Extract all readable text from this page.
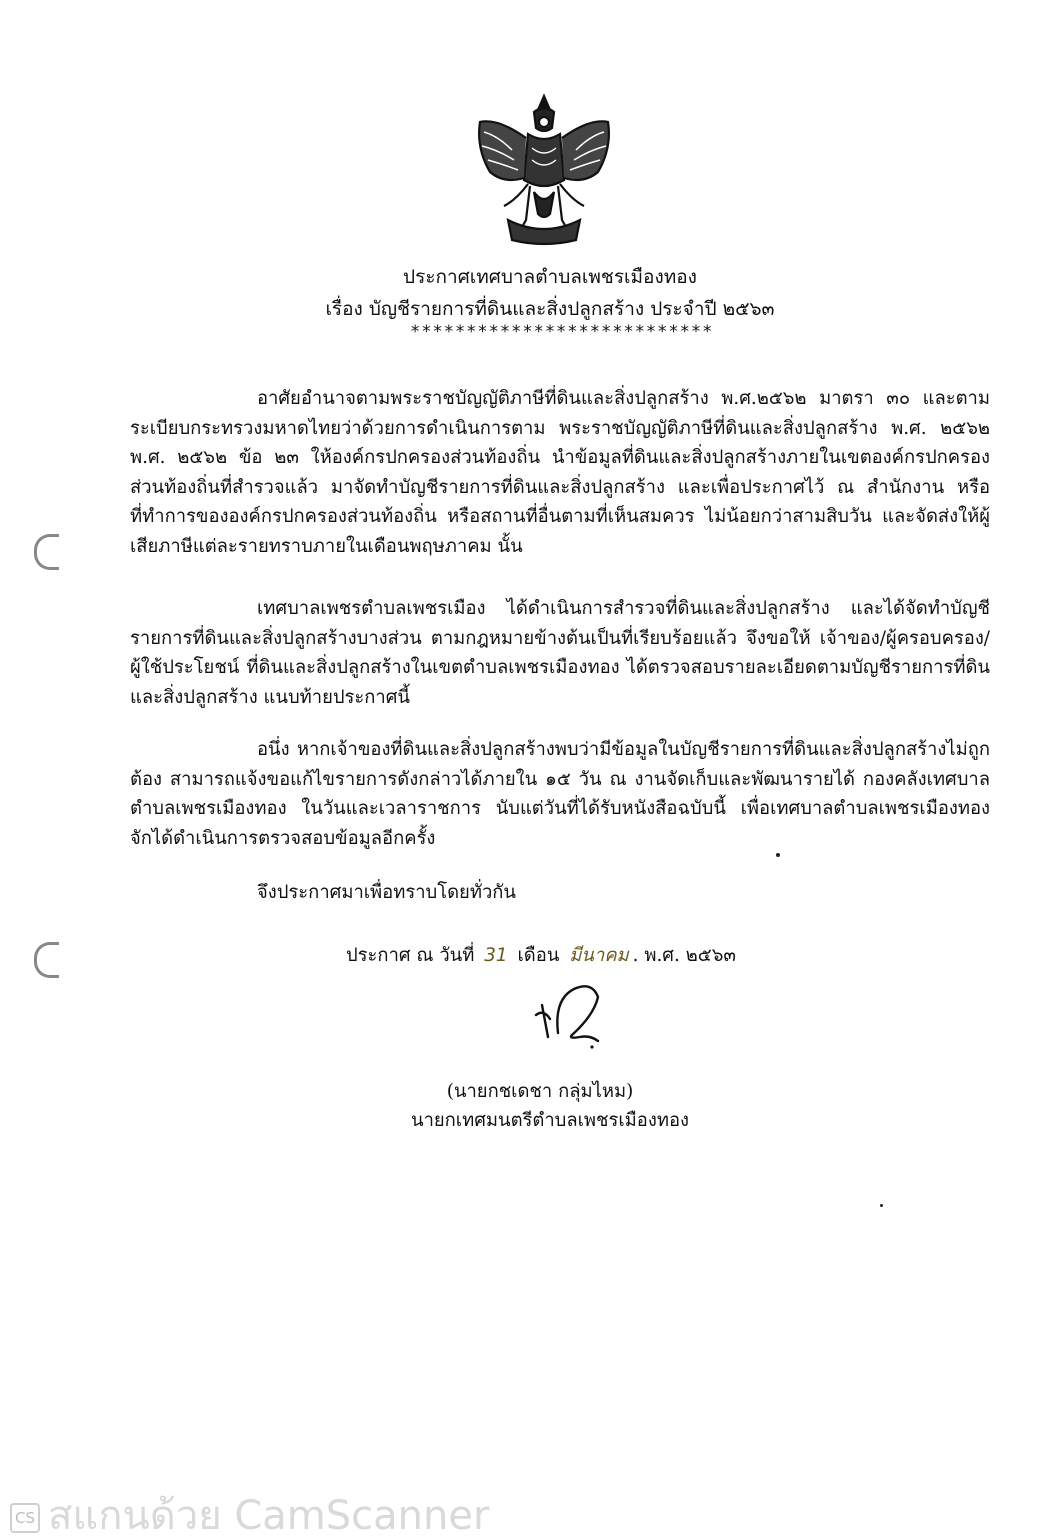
ประกาศเทศบาลตำบลเพชรเมืองทอง
เรื่อง บัญชีรายการที่ดินและสิ่งปลูกสร้าง ประจำปี ๒๕๖๓
***************************

อาศัยอำนาจตามพระราชบัญญัติภาษีที่ดินและสิ่งปลูกสร้าง พ.ศ.๒๕๖๒ มาตรา ๓๐ และตามระเบียบกระทรวงมหาดไทยว่าด้วยการดำเนินการตาม พระราชบัญญัติภาษีที่ดินและสิ่งปลูกสร้าง พ.ศ. ๒๕๖๒ พ.ศ. ๒๕๖๒ ข้อ ๒๓ ให้องค์กรปกครองส่วนท้องถิ่น นำข้อมูลที่ดินและสิ่งปลูกสร้างภายในเขตองค์กรปกครองส่วนท้องถิ่นที่สำรวจแล้ว มาจัดทำบัญชีรายการที่ดินและสิ่งปลูกสร้าง และเพื่อประกาศไว้ ณ สำนักงาน หรือที่ทำการขององค์กรปกครองส่วนท้องถิ่น หรือสถานที่อื่นตามที่เห็นสมควร ไม่น้อยกว่าสามสิบวัน และจัดส่งให้ผู้เสียภาษีแต่ละรายทราบภายในเดือนพฤษภาคม นั้น

เทศบาลเพชรตำบลเพชรเมือง ได้ดำเนินการสำรวจที่ดินและสิ่งปลูกสร้าง และได้จัดทำบัญชีรายการที่ดินและสิ่งปลูกสร้างบางส่วน ตามกฎหมายข้างต้นเป็นที่เรียบร้อยแล้ว จึงขอให้ เจ้าของ/ผู้ครอบครอง/ ผู้ใช้ประโยชน์ ที่ดินและสิ่งปลูกสร้างในเขตตำบลเพชรเมืองทอง ได้ตรวจสอบรายละเอียดตามบัญชีรายการที่ดินและสิ่งปลูกสร้าง แนบท้ายประกาศนี้

อนึ่ง หากเจ้าของที่ดินและสิ่งปลูกสร้างพบว่ามีข้อมูลในบัญชีรายการที่ดินและสิ่งปลูกสร้างไม่ถูกต้อง สามารถแจ้งขอแก้ไขรายการดังกล่าวได้ภายใน ๑๕ วัน ณ งานจัดเก็บและพัฒนารายได้ กองคลังเทศบาลตำบลเพชรเมืองทอง ในวันและเวลาราชการ นับแต่วันที่ได้รับหนังสือฉบับนี้ เพื่อเทศบาลตำบลเพชรเมืองทอง จักได้ดำเนินการตรวจสอบข้อมูลอีกครั้ง

จึงประกาศมาเพื่อทราบโดยทั่วกัน
ประกาศ ณ วันที่ 31 เดือน มีนาคม . พ.ศ. ๒๕๖๓
(นายกชเดชา กลุ่มไหม)
นายกเทศมนตรีตำบลเพชรเมืองทอง
CS สแกนด้วย CamScanner
